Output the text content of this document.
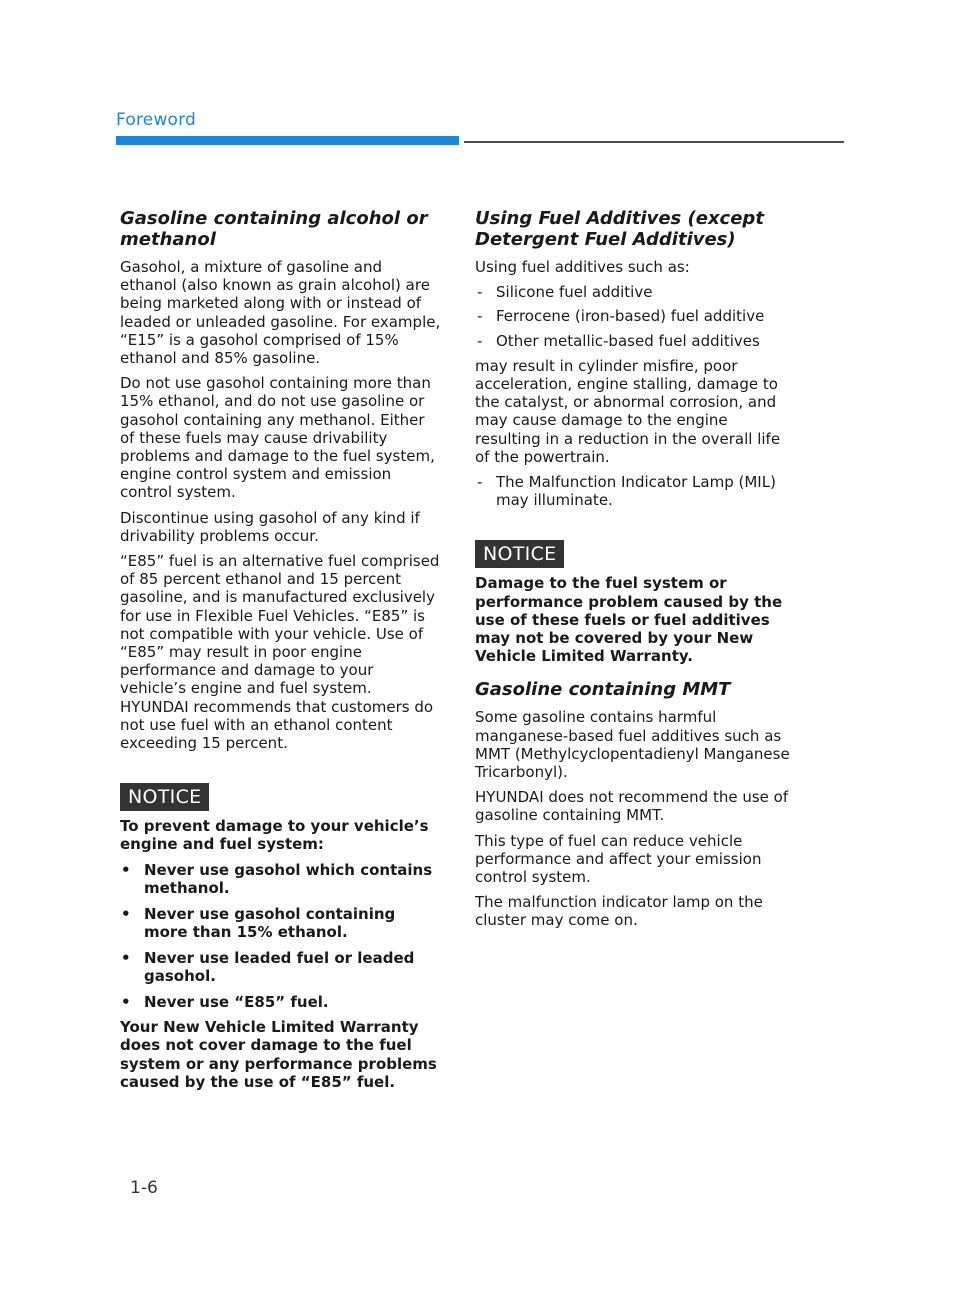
Foreword
Gasoline containing alcohol or methanol

Gasohol, a mixture of gasoline and ethanol (also known as grain alcohol) are being marketed along with or instead of leaded or unleaded gasoline. For example, “E15” is a gasohol comprised of 15% ethanol and 85% gasoline.

Do not use gasohol containing more than 15% ethanol, and do not use gasoline or gasohol containing any methanol. Either of these fuels may cause drivability problems and damage to the fuel system, engine control system and emission control system.

Discontinue using gasohol of any kind if drivability problems occur.

“E85” fuel is an alternative fuel comprised of 85 percent ethanol and 15 percent gasoline, and is manufactured exclusively for use in Flexible Fuel Vehicles. “E85” is not compatible with your vehicle. Use of “E85” may result in poor engine performance and damage to your vehicle’s engine and fuel system. HYUNDAI recommends that customers do not use fuel with an ethanol content exceeding 15 percent.

NOTICE

To prevent damage to your vehicle’s engine and fuel system:

• Never use gasohol which contains methanol.
• Never use gasohol containing more than 15% ethanol.
• Never use leaded fuel or leaded gasohol.
• Never use “E85” fuel.

Your New Vehicle Limited Warranty does not cover damage to the fuel system or any performance problems caused by the use of “E85” fuel.

Using Fuel Additives (except Detergent Fuel Additives)

Using fuel additives such as:

- Silicone fuel additive
- Ferrocene (iron-based) fuel additive
- Other metallic-based fuel additives

may result in cylinder misfire, poor acceleration, engine stalling, damage to the catalyst, or abnormal corrosion, and may cause damage to the engine resulting in a reduction in the overall life of the powertrain.

- The Malfunction Indicator Lamp (MIL) may illuminate.
NOTICE

Damage to the fuel system or performance problem caused by the use of these fuels or fuel additives may not be covered by your New Vehicle Limited Warranty.

Gasoline containing MMT

Some gasoline contains harmful manganese-based fuel additives such as MMT (Methylcyclopentadienyl Manganese Tricarbonyl).

HYUNDAI does not recommend the use of gasoline containing MMT.

This type of fuel can reduce vehicle performance and affect your emission control system.

The malfunction indicator lamp on the cluster may come on.

1-6
